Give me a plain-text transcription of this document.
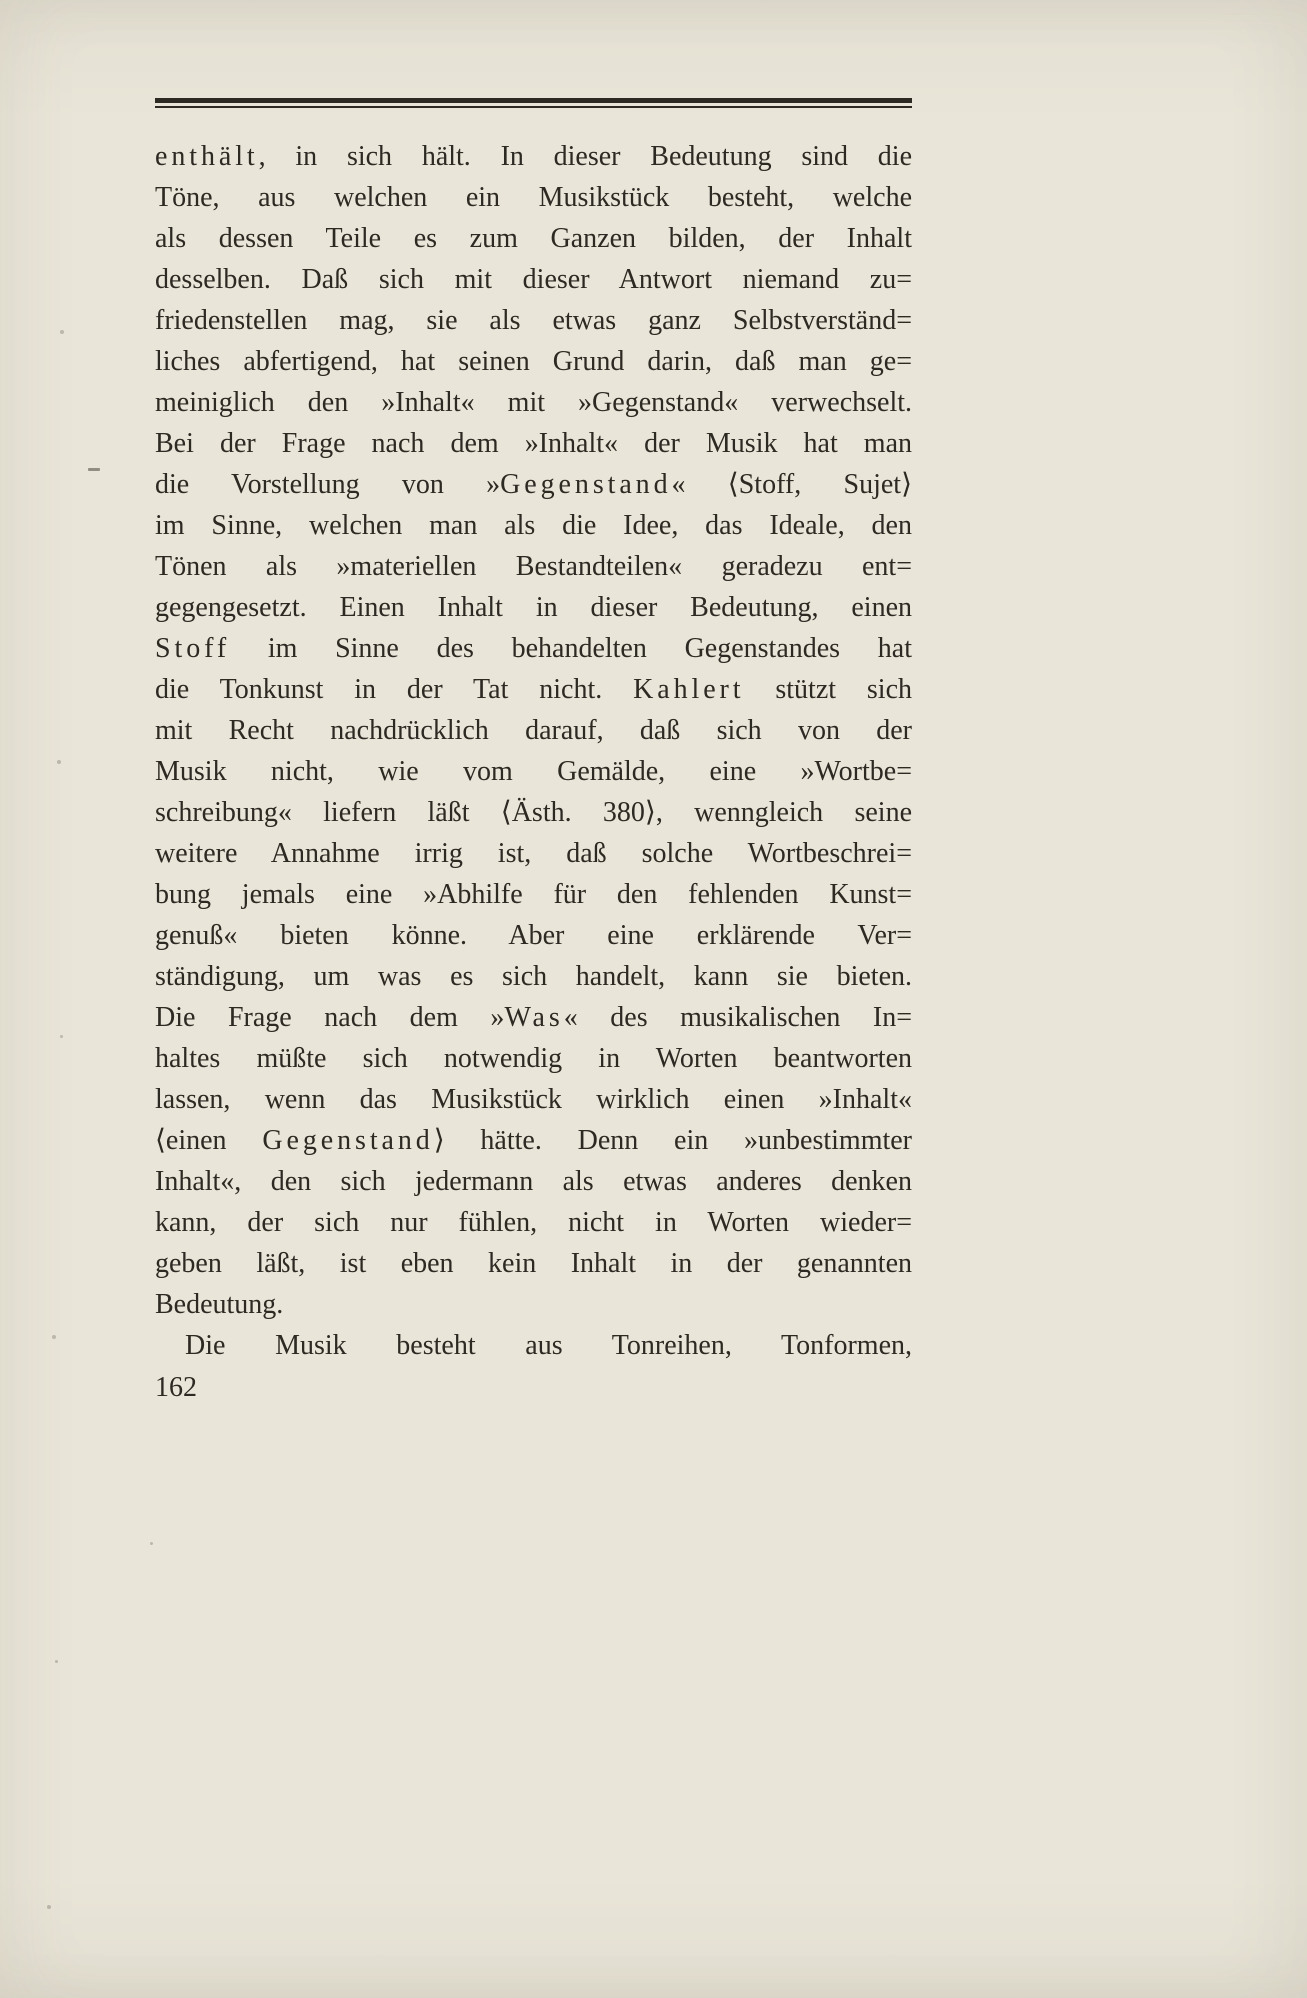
enthält, in sich hält. In dieser Bedeutung sind die
Töne, aus welchen ein Musikstück besteht, welche
als dessen Teile es zum Ganzen bilden, der Inhalt
desselben. Daß sich mit dieser Antwort niemand zu=
friedenstellen mag, sie als etwas ganz Selbstverständ=
liches abfertigend, hat seinen Grund darin, daß man ge=
meiniglich den »Inhalt« mit »Gegenstand« verwechselt.
Bei der Frage nach dem »Inhalt« der Musik hat man
die Vorstellung von »Gegenstand« ⟨Stoff, Sujet⟩
im Sinne, welchen man als die Idee, das Ideale, den
Tönen als »materiellen Bestandteilen« geradezu ent=
gegengesetzt. Einen Inhalt in dieser Bedeutung, einen
Stoff im Sinne des behandelten Gegenstandes hat
die Tonkunst in der Tat nicht. Kahlert stützt sich
mit Recht nachdrücklich darauf, daß sich von der
Musik nicht, wie vom Gemälde, eine »Wortbe=
schreibung« liefern läßt ⟨Ästh. 380⟩, wenngleich seine
weitere Annahme irrig ist, daß solche Wortbeschrei=
bung jemals eine »Abhilfe für den fehlenden Kunst=
genuß« bieten könne. Aber eine erklärende Ver=
ständigung, um was es sich handelt, kann sie bieten.
Die Frage nach dem »Was« des musikalischen In=
haltes müßte sich notwendig in Worten beantworten
lassen, wenn das Musikstück wirklich einen »Inhalt«
⟨einen Gegenstand⟩ hätte. Denn ein »unbestimmter
Inhalt«, den sich jedermann als etwas anderes denken
kann, der sich nur fühlen, nicht in Worten wieder=
geben läßt, ist eben kein Inhalt in der genannten
Bedeutung.
Die Musik besteht aus Tonreihen, Tonformen,
162
